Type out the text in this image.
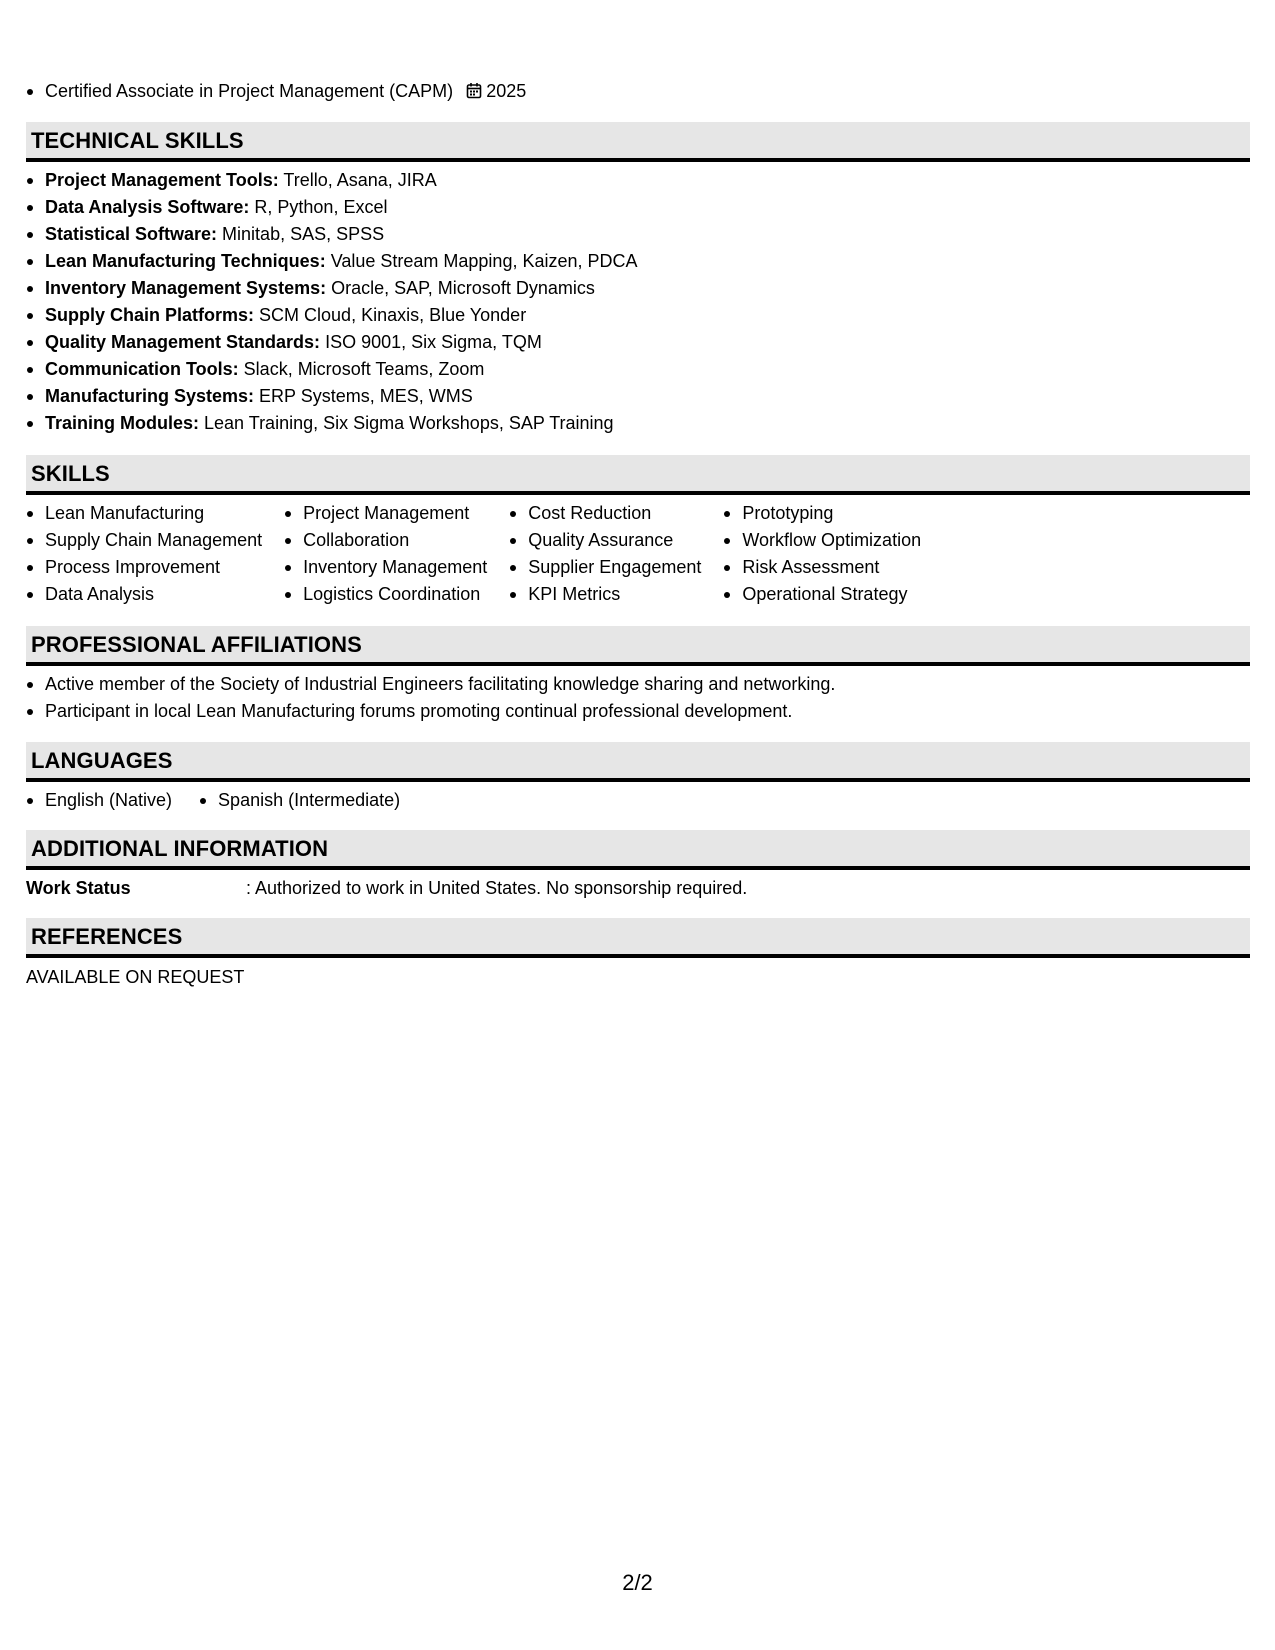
Certified Associate in Project Management (CAPM) 2025
TECHNICAL SKILLS
Project Management Tools: Trello, Asana, JIRA
Data Analysis Software: R, Python, Excel
Statistical Software: Minitab, SAS, SPSS
Lean Manufacturing Techniques: Value Stream Mapping, Kaizen, PDCA
Inventory Management Systems: Oracle, SAP, Microsoft Dynamics
Supply Chain Platforms: SCM Cloud, Kinaxis, Blue Yonder
Quality Management Standards: ISO 9001, Six Sigma, TQM
Communication Tools: Slack, Microsoft Teams, Zoom
Manufacturing Systems: ERP Systems, MES, WMS
Training Modules: Lean Training, Six Sigma Workshops, SAP Training
SKILLS
Lean Manufacturing
Supply Chain Management
Process Improvement
Data Analysis
Project Management
Collaboration
Inventory Management
Logistics Coordination
Cost Reduction
Quality Assurance
Supplier Engagement
KPI Metrics
Prototyping
Workflow Optimization
Risk Assessment
Operational Strategy
PROFESSIONAL AFFILIATIONS
Active member of the Society of Industrial Engineers facilitating knowledge sharing and networking.
Participant in local Lean Manufacturing forums promoting continual professional development.
LANGUAGES
English (Native)	Spanish (Intermediate)
ADDITIONAL INFORMATION
Work Status	: Authorized to work in United States. No sponsorship required.
REFERENCES
AVAILABLE ON REQUEST
2/2
